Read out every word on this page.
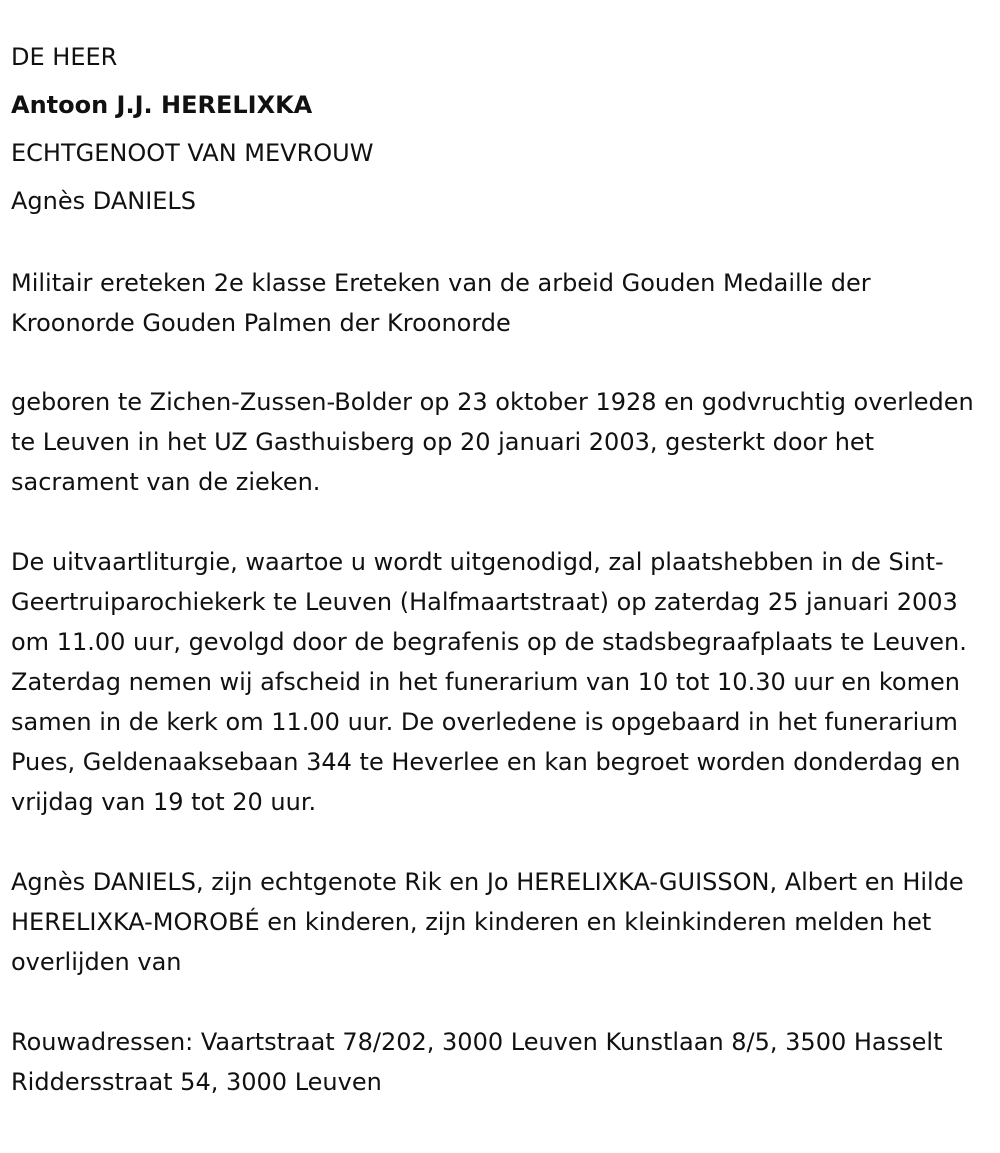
DE HEER
Antoon J.J. HERELIXKA
ECHTGENOOT VAN MEVROUW
Agnès DANIELS

Militair ereteken 2e klasse Ereteken van de arbeid Gouden Medaille der Kroonorde Gouden Palmen der Kroonorde

geboren te Zichen-Zussen-Bolder op 23 oktober 1928 en godvruchtig overleden te Leuven in het UZ Gasthuisberg op 20 januari 2003, gesterkt door het sacrament van de zieken.

De uitvaartliturgie, waartoe u wordt uitgenodigd, zal plaatshebben in de Sint-Geertruiparochiekerk te Leuven (Halfmaartstraat) op zaterdag 25 januari 2003 om 11.00 uur, gevolgd door de begrafenis op de stadsbegraafplaats te Leuven. Zaterdag nemen wij afscheid in het funerarium van 10 tot 10.30 uur en komen samen in de kerk om 11.00 uur. De overledene is opgebaard in het funerarium Pues, Geldenaaksebaan 344 te Heverlee en kan begroet worden donderdag en vrijdag van 19 tot 20 uur.

Agnès DANIELS, zijn echtgenote Rik en Jo HERELIXKA-GUISSON, Albert en Hilde HERELIXKA-MOROBÉ en kinderen, zijn kinderen en kleinkinderen melden het overlijden van

Rouwadressen: Vaartstraat 78/202, 3000 Leuven Kunstlaan 8/5, 3500 Hasselt Riddersstraat 54, 3000 Leuven
